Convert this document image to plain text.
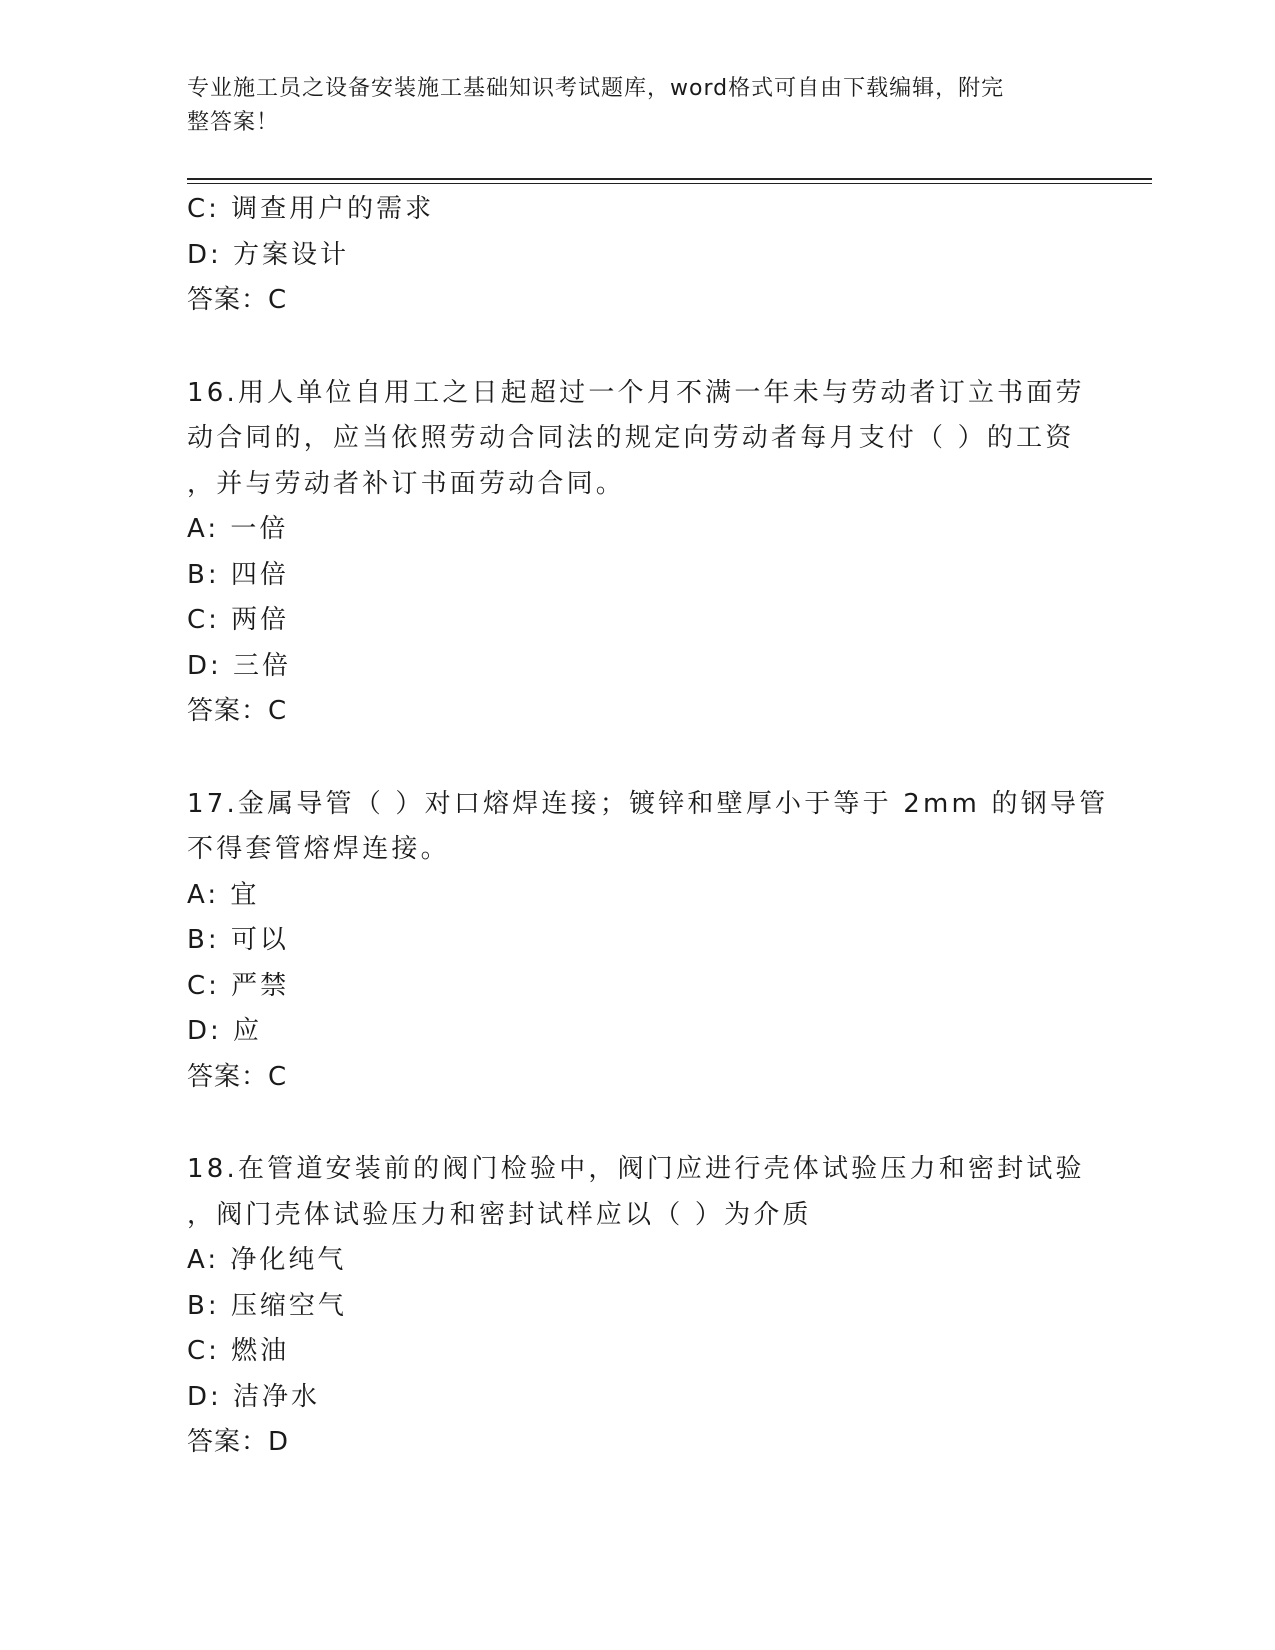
专业施工员之设备安装施工基础知识考试题库，word格式可自由下载编辑，附完
整答案！
C: 调查用户的需求
D: 方案设计
答案：C
16.用人单位自用工之日起超过一个月不满一年未与劳动者订立书面劳
动合同的，应当依照劳动合同法的规定向劳动者每月支付（ ）的工资
，并与劳动者补订书面劳动合同。
A: 一倍
B: 四倍
C: 两倍
D: 三倍
答案：C
17.金属导管（ ）对口熔焊连接；镀锌和壁厚小于等于 2mm 的钢导管
不得套管熔焊连接。
A: 宜
B: 可以
C: 严禁
D: 应
答案：C
18.在管道安装前的阀门检验中，阀门应进行壳体试验压力和密封试验
，阀门壳体试验压力和密封试样应以（ ）为介质
A: 净化纯气
B: 压缩空气
C: 燃油
D: 洁净水
答案：D
